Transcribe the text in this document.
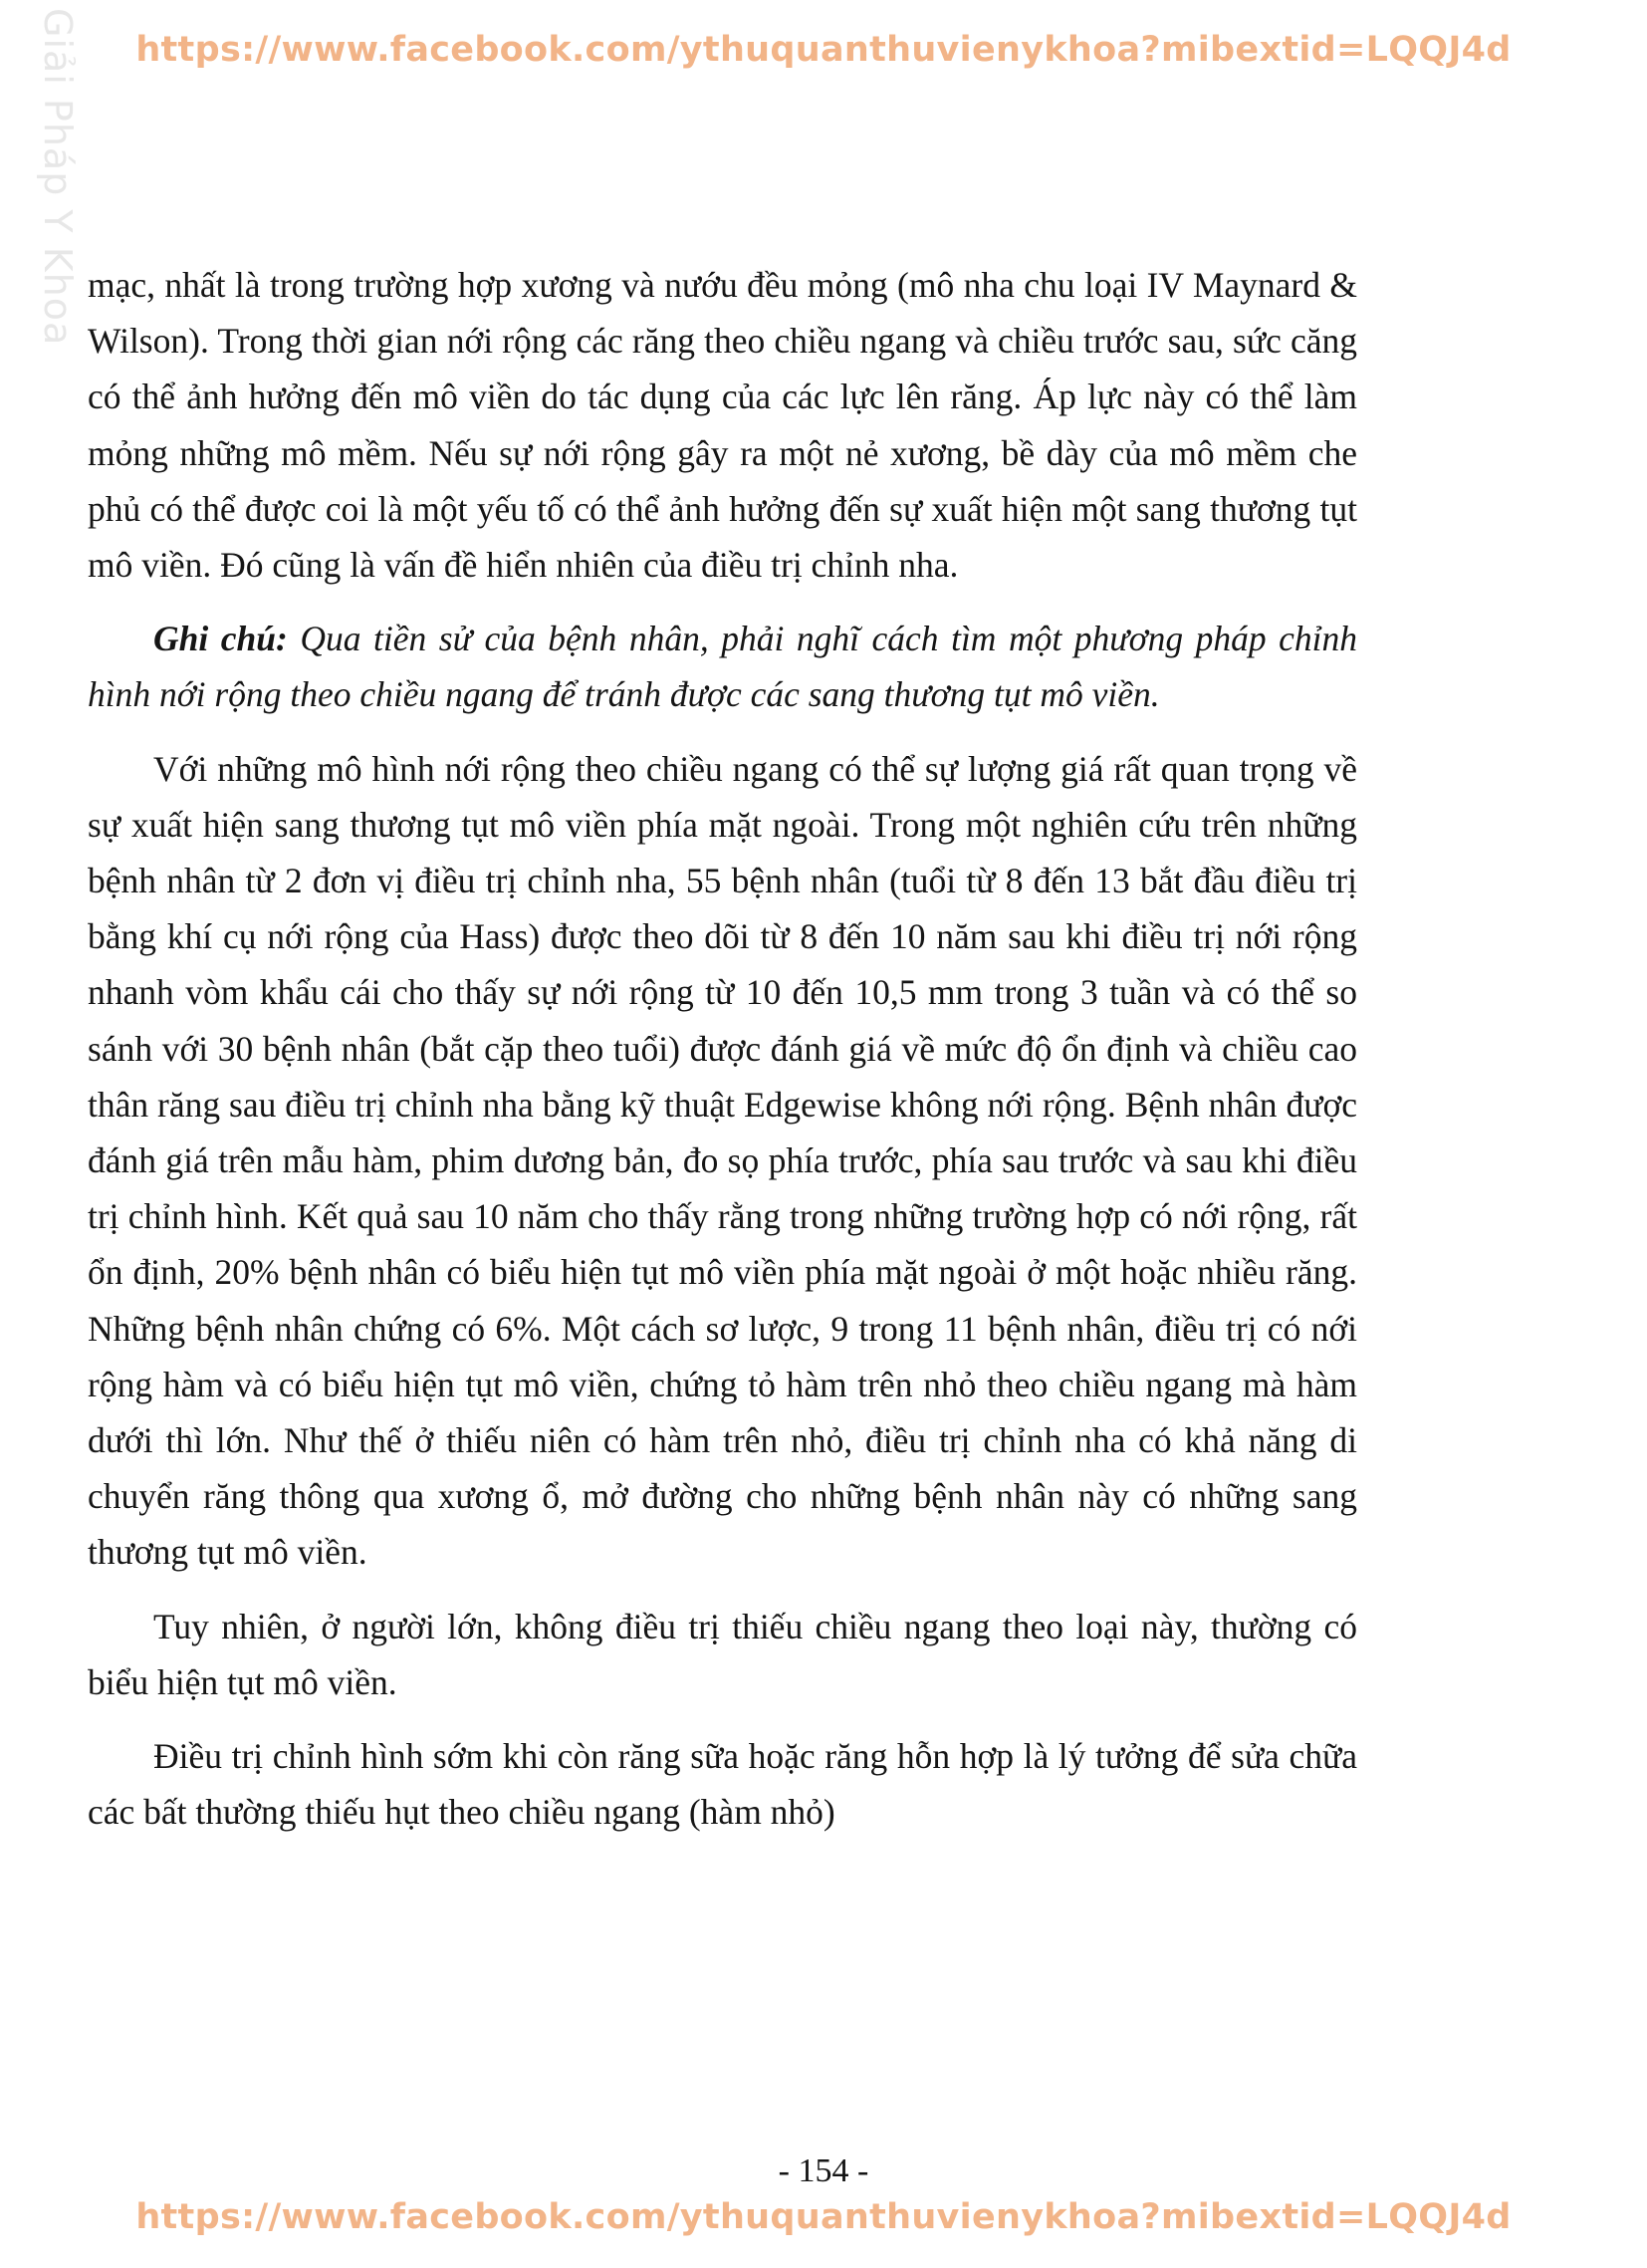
https://www.facebook.com/ythuquanthuvienykhoa?mibextid=LQQJ4d
Giải Pháp Y Khoa mạc, nhất là trong trường hợp xương và nướu đều mỏng (mô nha chu loại IV Maynard & Wilson). Trong thời gian nới rộng các răng theo chiều ngang và chiều trước sau, sức căng có thể ảnh hưởng đến mô viền do tác dụng của các lực lên răng. Áp lực này có thể làm mỏng những mô mềm. Nếu sự nới rộng gây ra một nẻ xương, bề dày của mô mềm che phủ có thể được coi là một yếu tố có thể ảnh hưởng đến sự xuất hiện một sang thương tụt mô viền. Đó cũng là vấn đề hiển nhiên của điều trị chỉnh nha.

Ghi chú: Qua tiền sử của bệnh nhân, phải nghĩ cách tìm một phương pháp chỉnh hình nới rộng theo chiều ngang để tránh được các sang thương tụt mô viền.

Với những mô hình nới rộng theo chiều ngang có thể sự lượng giá rất quan trọng về sự xuất hiện sang thương tụt mô viền phía mặt ngoài. Trong một nghiên cứu trên những bệnh nhân từ 2 đơn vị điều trị chỉnh nha, 55 bệnh nhân (tuổi từ 8 đến 13 bắt đầu điều trị bằng khí cụ nới rộng của Hass) được theo dõi từ 8 đến 10 năm sau khi điều trị nới rộng nhanh vòm khẩu cái cho thấy sự nới rộng từ 10 đến 10,5 mm trong 3 tuần và có thể so sánh với 30 bệnh nhân (bắt cặp theo tuổi) được đánh giá về mức độ ổn định và chiều cao thân răng sau điều trị chỉnh nha bằng kỹ thuật Edgewise không nới rộng. Bệnh nhân được đánh giá trên mẫu hàm, phim dương bản, đo sọ phía trước, phía sau trước và sau khi điều trị chỉnh hình. Kết quả sau 10 năm cho thấy rằng trong những trường hợp có nới rộng, rất ổn định, 20% bệnh nhân có biểu hiện tụt mô viền phía mặt ngoài ở một hoặc nhiều răng. Những bệnh nhân chứng có 6%. Một cách sơ lược, 9 trong 11 bệnh nhân, điều trị có nới rộng hàm và có biểu hiện tụt mô viền, chứng tỏ hàm trên nhỏ theo chiều ngang mà hàm dưới thì lớn. Như thế ở thiếu niên có hàm trên nhỏ, điều trị chỉnh nha có khả năng di chuyển răng thông qua xương ổ, mở đường cho những bệnh nhân này có những sang thương tụt mô viền.

Tuy nhiên, ở người lớn, không điều trị thiếu chiều ngang theo loại này, thường có biểu hiện tụt mô viền.

Điều trị chỉnh hình sớm khi còn răng sữa hoặc răng hỗn hợp là lý tưởng để sửa chữa các bất thường thiếu hụt theo chiều ngang (hàm nhỏ)

- 154 -
https://www.facebook.com/ythuquanthuvienykhoa?mibextid=LQQJ4d
